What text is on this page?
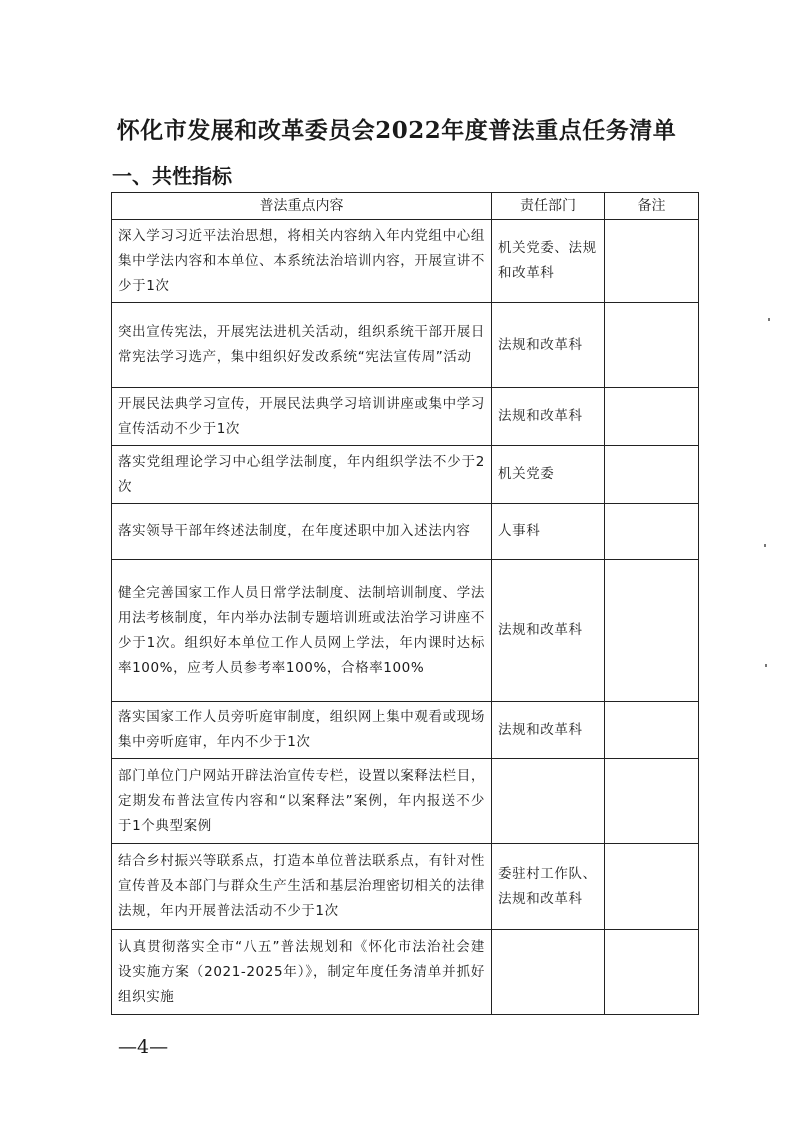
怀化市发展和改革委员会2022年度普法重点任务清单
一、共性指标
普法重点内容	责任部门	备注
深入学习习近平法治思想，将相关内容纳入年内党组中心组集中学法内容和本单位、本系统法治培训内容，开展宣讲不少于1次	机关党委、法规和改革科	
突出宣传宪法，开展宪法进机关活动，组织系统干部开展日常宪法学习选产，集中组织好发改系统“宪法宣传周”活动	法规和改革科	
开展民法典学习宣传，开展民法典学习培训讲座或集中学习宣传活动不少于1次	法规和改革科	
落实党组理论学习中心组学法制度，年内组织学法不少于2次	机关党委	
落实领导干部年终述法制度，在年度述职中加入述法内容	人事科	
健全完善国家工作人员日常学法制度、法制培训制度、学法用法考核制度，年内举办法制专题培训班或法治学习讲座不少于1次。组织好本单位工作人员网上学法，年内课时达标率100%，应考人员参考率100%，合格率100%	法规和改革科	
落实国家工作人员旁听庭审制度，组织网上集中观看或现场集中旁听庭审，年内不少于1次	法规和改革科	
部门单位门户网站开辟法治宣传专栏，设置以案释法栏目，定期发布普法宣传内容和“以案释法”案例，年内报送不少于1个典型案例		
结合乡村振兴等联系点，打造本单位普法联系点，有针对性宣传普及本部门与群众生产生活和基层治理密切相关的法律法规，年内开展普法活动不少于1次	委驻村工作队、法规和改革科	
认真贯彻落实全市“八五”普法规划和《怀化市法治社会建设实施方案（2021-2025年）》，制定年度任务清单并抓好组织实施		
—4—
